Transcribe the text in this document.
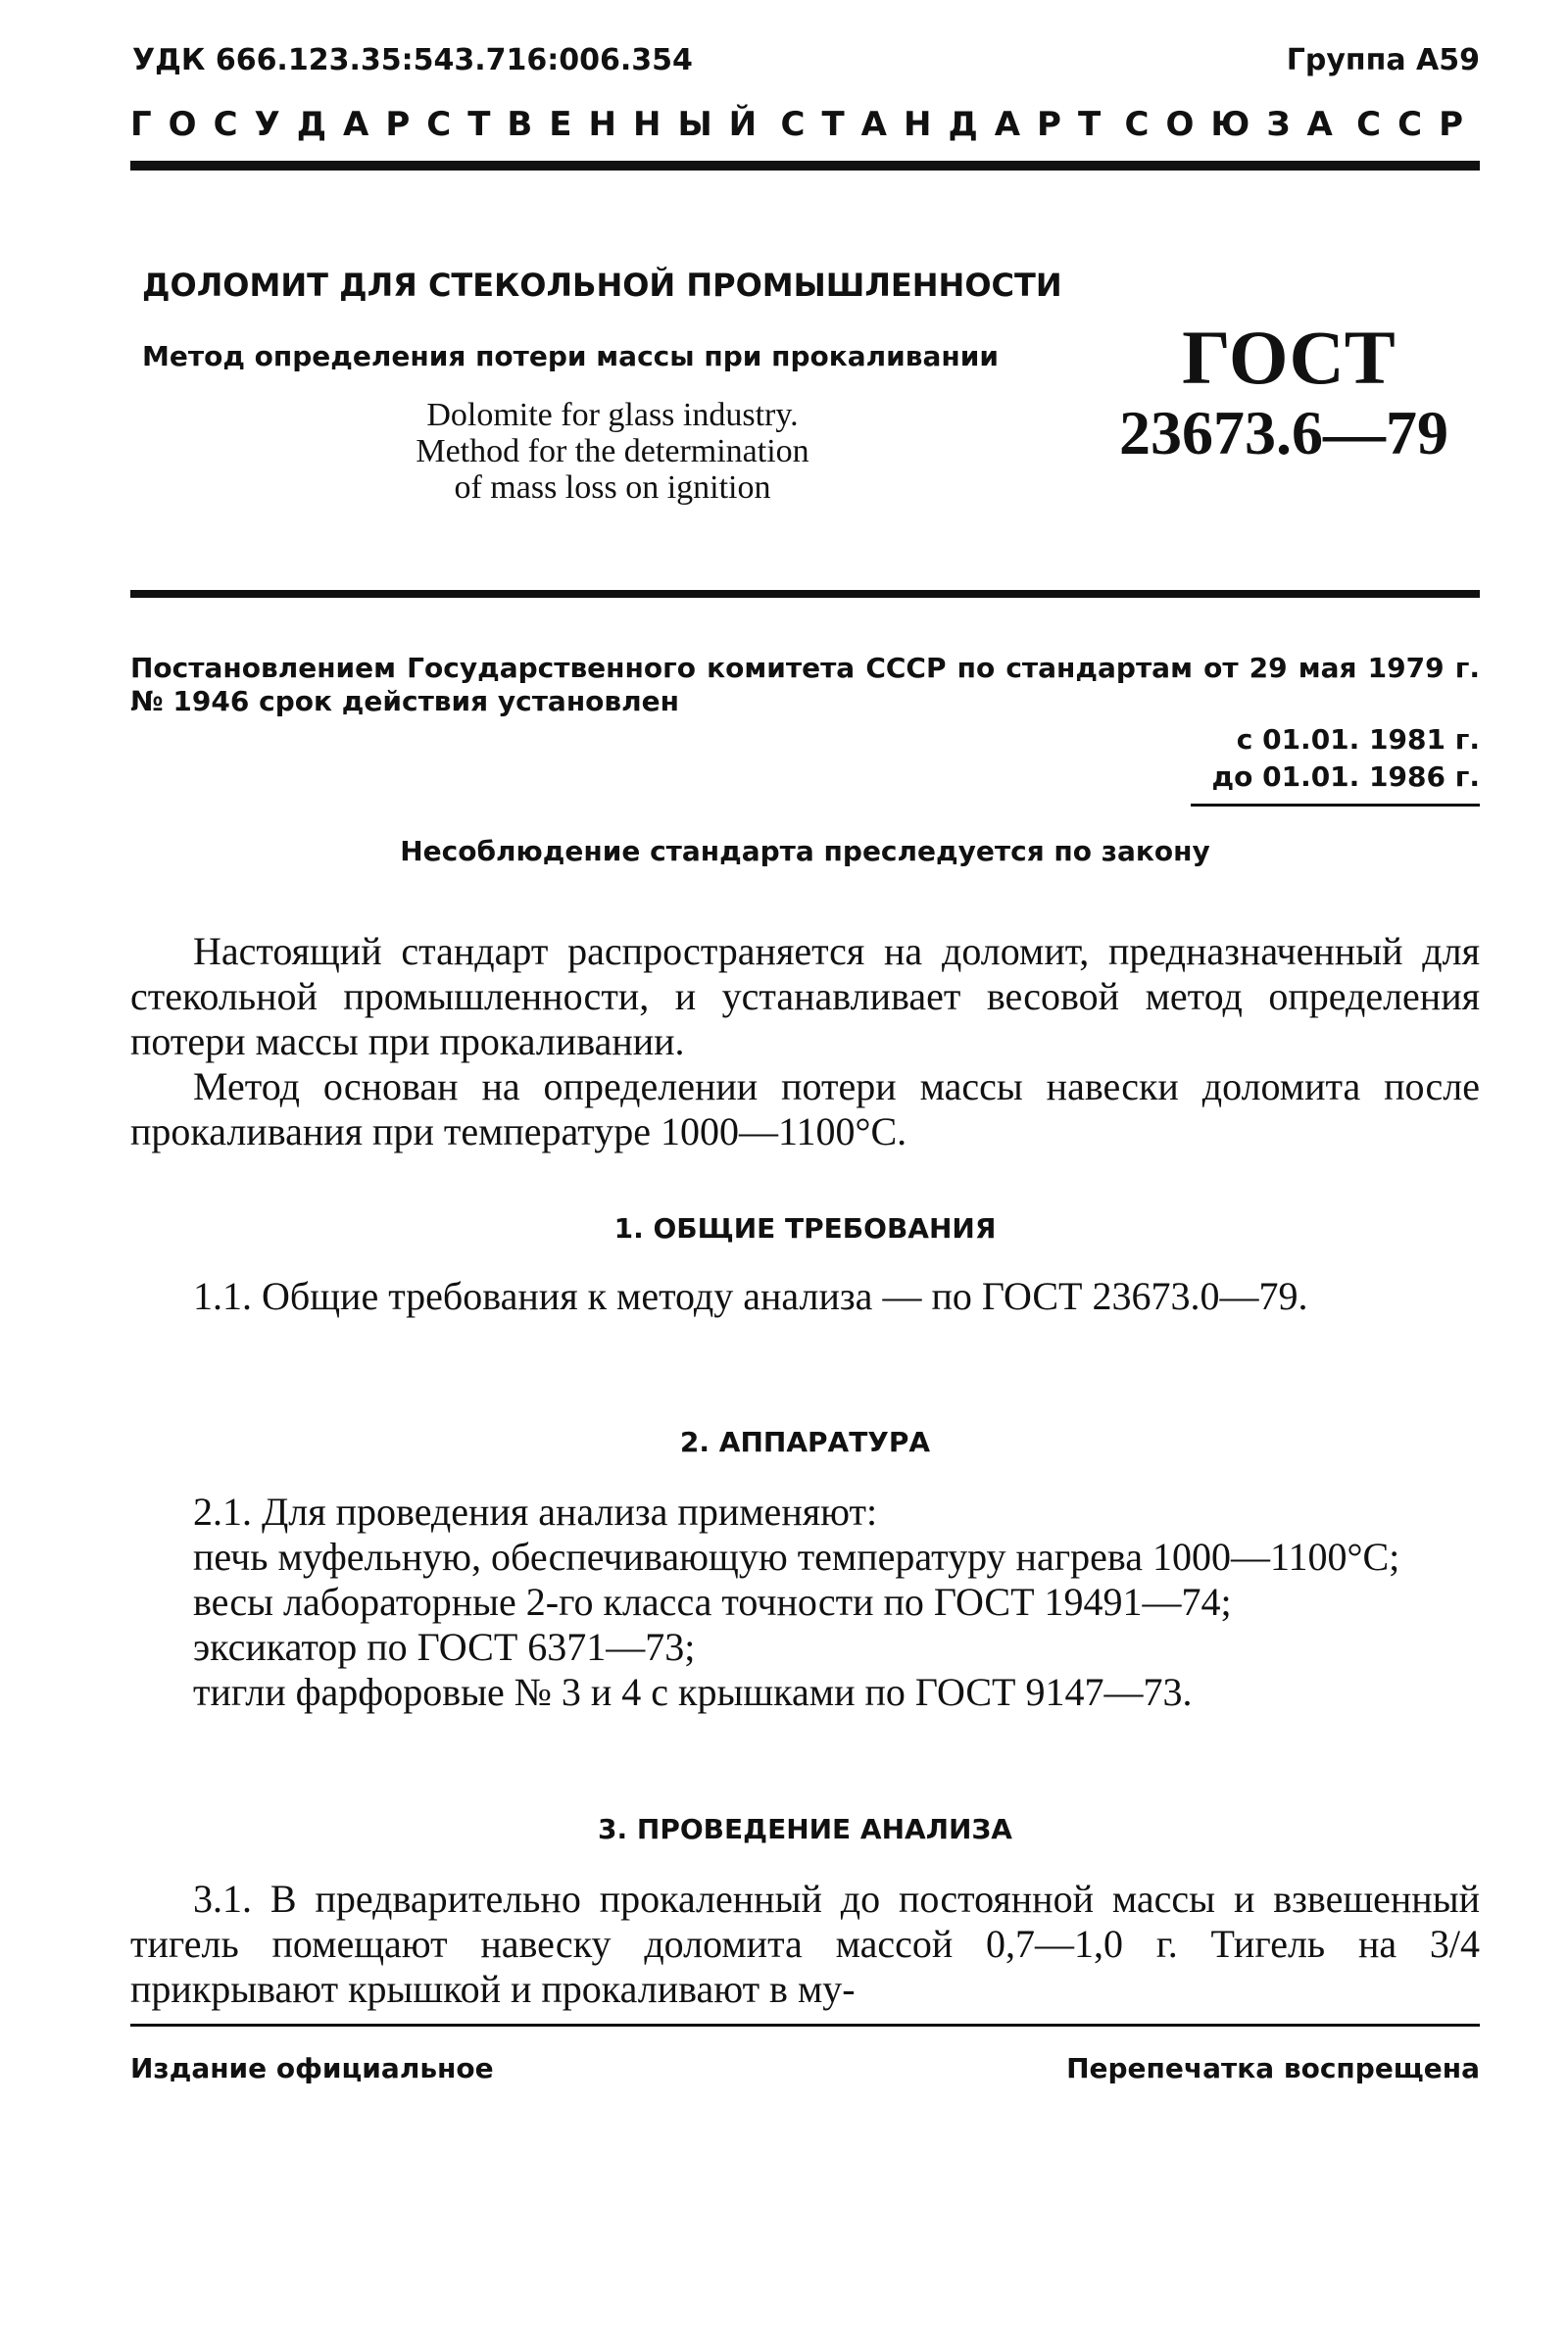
УДК 666.123.35:543.716:006.354	Группа А59
ГОСУДАРСТВЕННЫЙ СТАНДАРТ СОЮЗА ССР
ДОЛОМИТ ДЛЯ СТЕКОЛЬНОЙ ПРОМЫШЛЕННОСТИ
Метод определения потери массы при прокаливании
Dolomite for glass industry.
Method for the determination
of mass loss on ignition
ГОСТ
23673.6—79
Постановлением Государственного комитета СССР по стандартам от 29 мая 1979 г. № 1946 срок действия установлен
с 01.01. 1981 г.
до 01.01. 1986 г.
Несоблюдение стандарта преследуется по закону

Настоящий стандарт распространяется на доломит, предназначенный для стекольной промышленности, и устанавливает весовой метод определения потери массы при прокаливании.

Метод основан на определении потери массы навески доломита после прокаливания при температуре 1000—1100°С.

1. ОБЩИЕ ТРЕБОВАНИЯ

1.1. Общие требования к методу анализа — по ГОСТ 23673.0—79.

2. АППАРАТУРА

2.1. Для проведения анализа применяют:

печь муфельную, обеспечивающую температуру нагрева 1000—1100°С;

весы лабораторные 2-го класса точности по ГОСТ 19491—74;

эксикатор по ГОСТ 6371—73;

тигли фарфоровые № 3 и 4 с крышками по ГОСТ 9147—73.

3. ПРОВЕДЕНИЕ АНАЛИЗА

3.1. В предварительно прокаленный до постоянной массы и взвешенный тигель помещают навеску доломита массой 0,7—1,0 г. Тигель на 3/4 прикрывают крышкой и прокаливают в му-

Издание официальное	Перепечатка воспрещена
